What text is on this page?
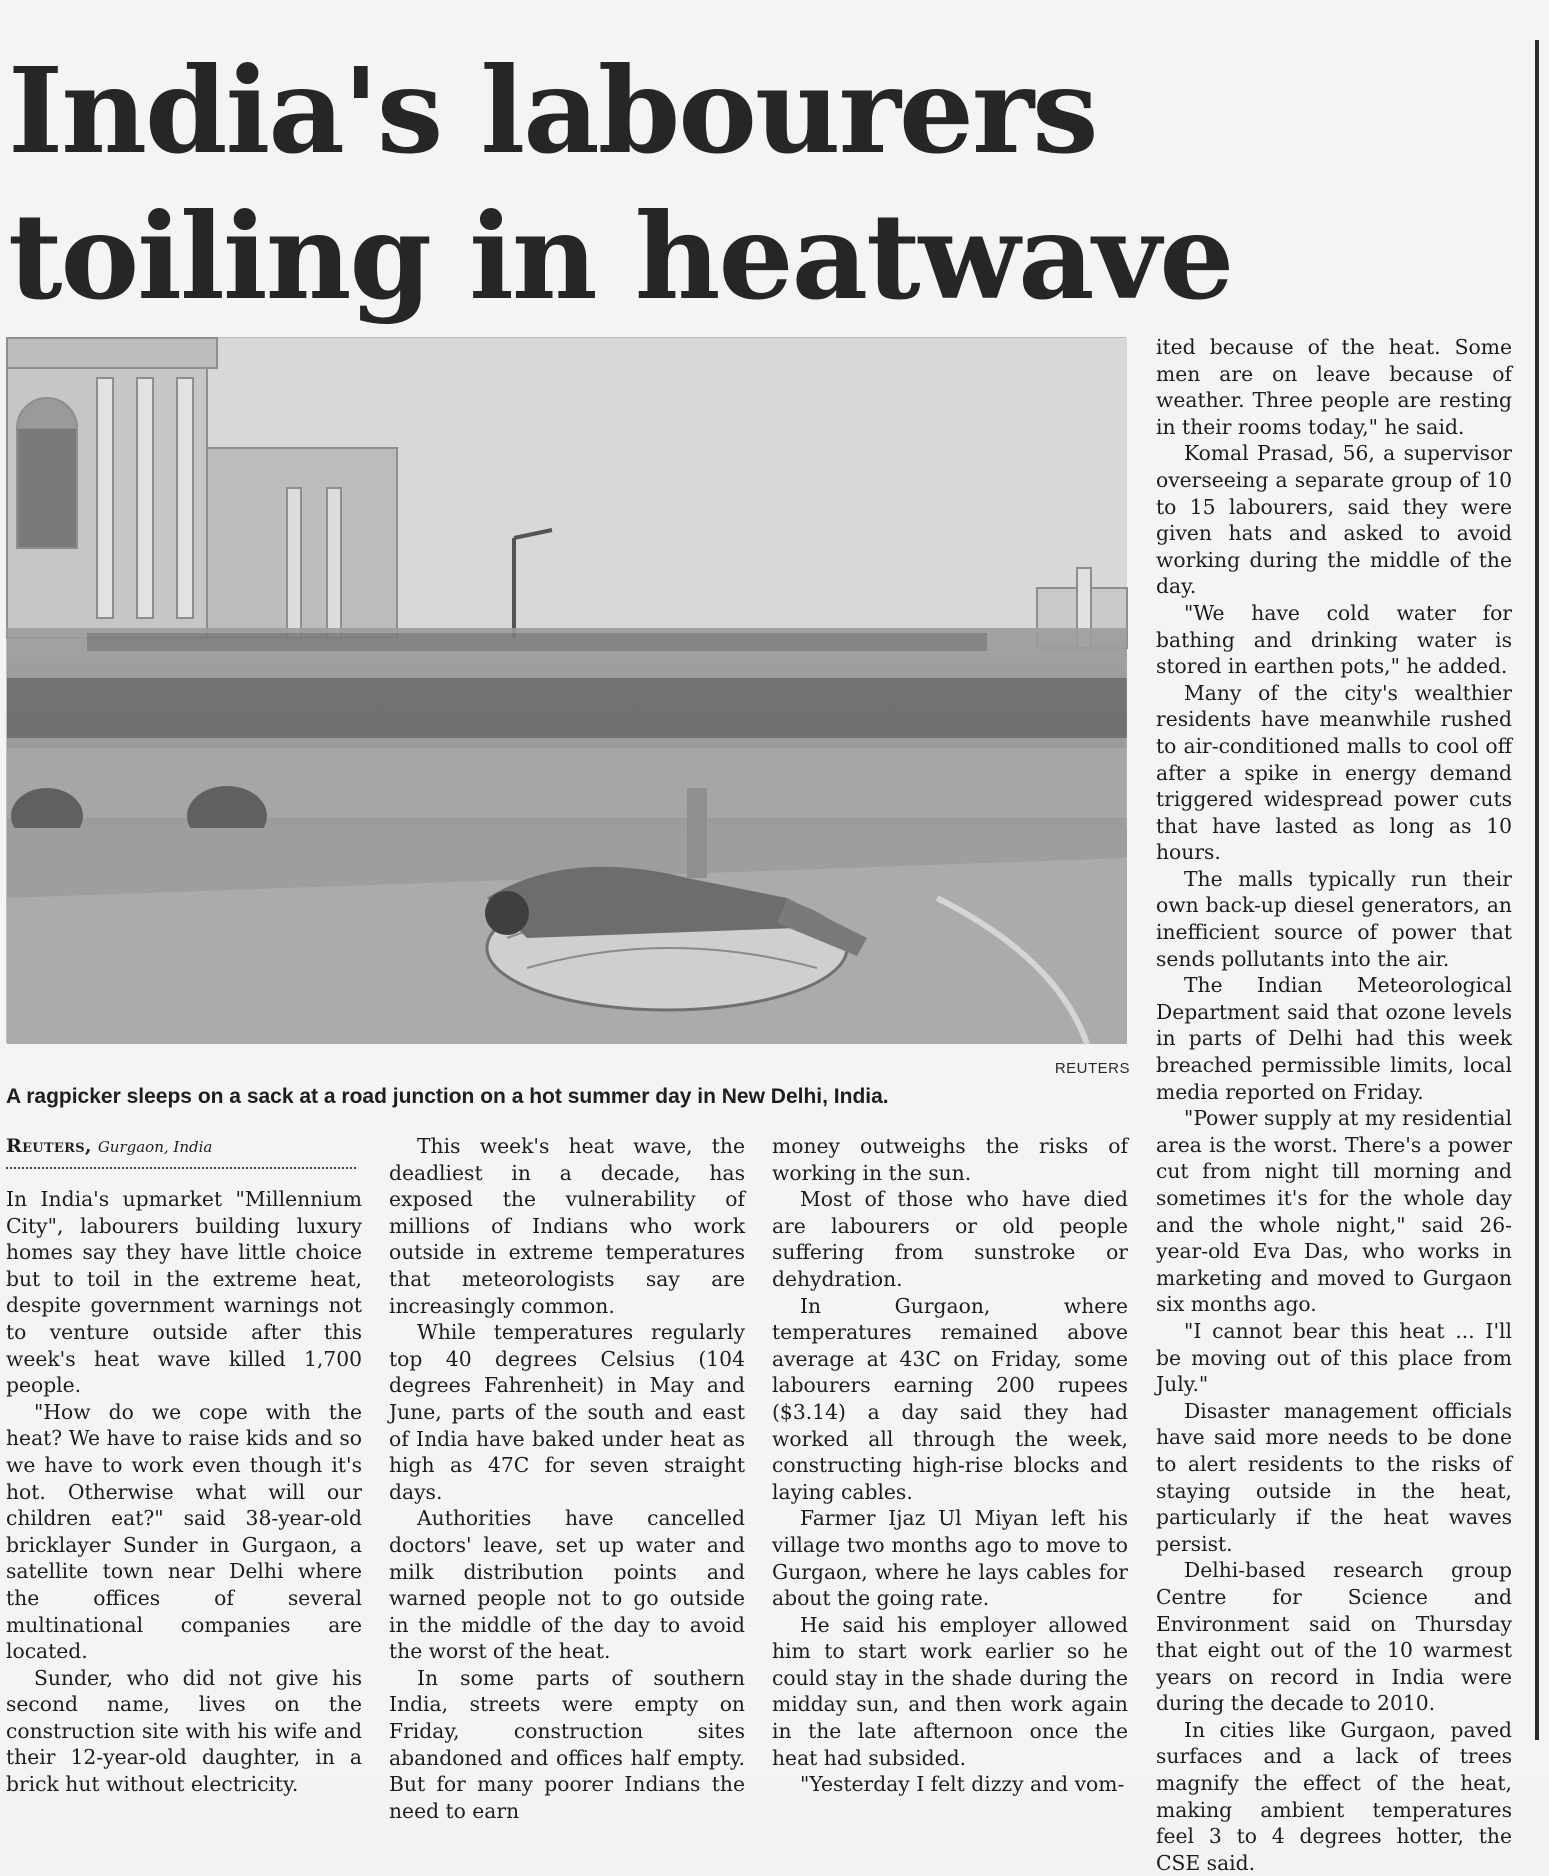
India's labourers toiling in heatwave
REUTERS
A ragpicker sleeps on a sack at a road junction on a hot summer day in New Delhi, India.
Reuters, Gurgaon, India

In India's upmarket "Millennium City", labourers building luxury homes say they have little choice but to toil in the extreme heat, despite government warnings not to venture outside after this week's heat wave killed 1,700 people.

"How do we cope with the heat? We have to raise kids and so we have to work even though it's hot. Otherwise what will our children eat?" said 38-year-old bricklayer Sunder in Gurgaon, a satellite town near Delhi where the offices of several multinational companies are located.

Sunder, who did not give his second name, lives on the construction site with his wife and their 12-year-old daughter, in a brick hut without electricity.

This week's heat wave, the deadliest in a decade, has exposed the vulnerability of millions of Indians who work outside in extreme temperatures that meteorologists say are increasingly common.

While temperatures regularly top 40 degrees Celsius (104 degrees Fahrenheit) in May and June, parts of the south and east of India have baked under heat as high as 47C for seven straight days.

Authorities have cancelled doctors' leave, set up water and milk distribution points and warned people not to go outside in the middle of the day to avoid the worst of the heat.

In some parts of southern India, streets were empty on Friday, construction sites abandoned and offices half empty. But for many poorer Indians the need to earn

money outweighs the risks of working in the sun.

Most of those who have died are labourers or old people suffering from sunstroke or dehydration.

In Gurgaon, where temperatures remained above average at 43C on Friday, some labourers earning 200 rupees ($3.14) a day said they had worked all through the week, constructing high-rise blocks and laying cables.

Farmer Ijaz Ul Miyan left his village two months ago to move to Gurgaon, where he lays cables for about the going rate.

He said his employer allowed him to start work earlier so he could stay in the shade during the midday sun, and then work again in the late afternoon once the heat had subsided.

"Yesterday I felt dizzy and vom-

ited because of the heat. Some men are on leave because of weather. Three people are resting in their rooms today," he said.

Komal Prasad, 56, a supervisor overseeing a separate group of 10 to 15 labourers, said they were given hats and asked to avoid working during the middle of the day.

"We have cold water for bathing and drinking water is stored in earthen pots," he added.

Many of the city's wealthier residents have meanwhile rushed to air-conditioned malls to cool off after a spike in energy demand triggered widespread power cuts that have lasted as long as 10 hours.

The malls typically run their own back-up diesel generators, an inefficient source of power that sends pollutants into the air.

The Indian Meteorological Department said that ozone levels in parts of Delhi had this week breached permissible limits, local media reported on Friday.

"Power supply at my residential area is the worst. There's a power cut from night till morning and sometimes it's for the whole day and the whole night," said 26-year-old Eva Das, who works in marketing and moved to Gurgaon six months ago.

"I cannot bear this heat ... I'll be moving out of this place from July."

Disaster management officials have said more needs to be done to alert residents to the risks of staying outside in the heat, particularly if the heat waves persist.

Delhi-based research group Centre for Science and Environment said on Thursday that eight out of the 10 warmest years on record in India were during the decade to 2010.

In cities like Gurgaon, paved surfaces and a lack of trees magnify the effect of the heat, making ambient temperatures feel 3 to 4 degrees hotter, the CSE said.
